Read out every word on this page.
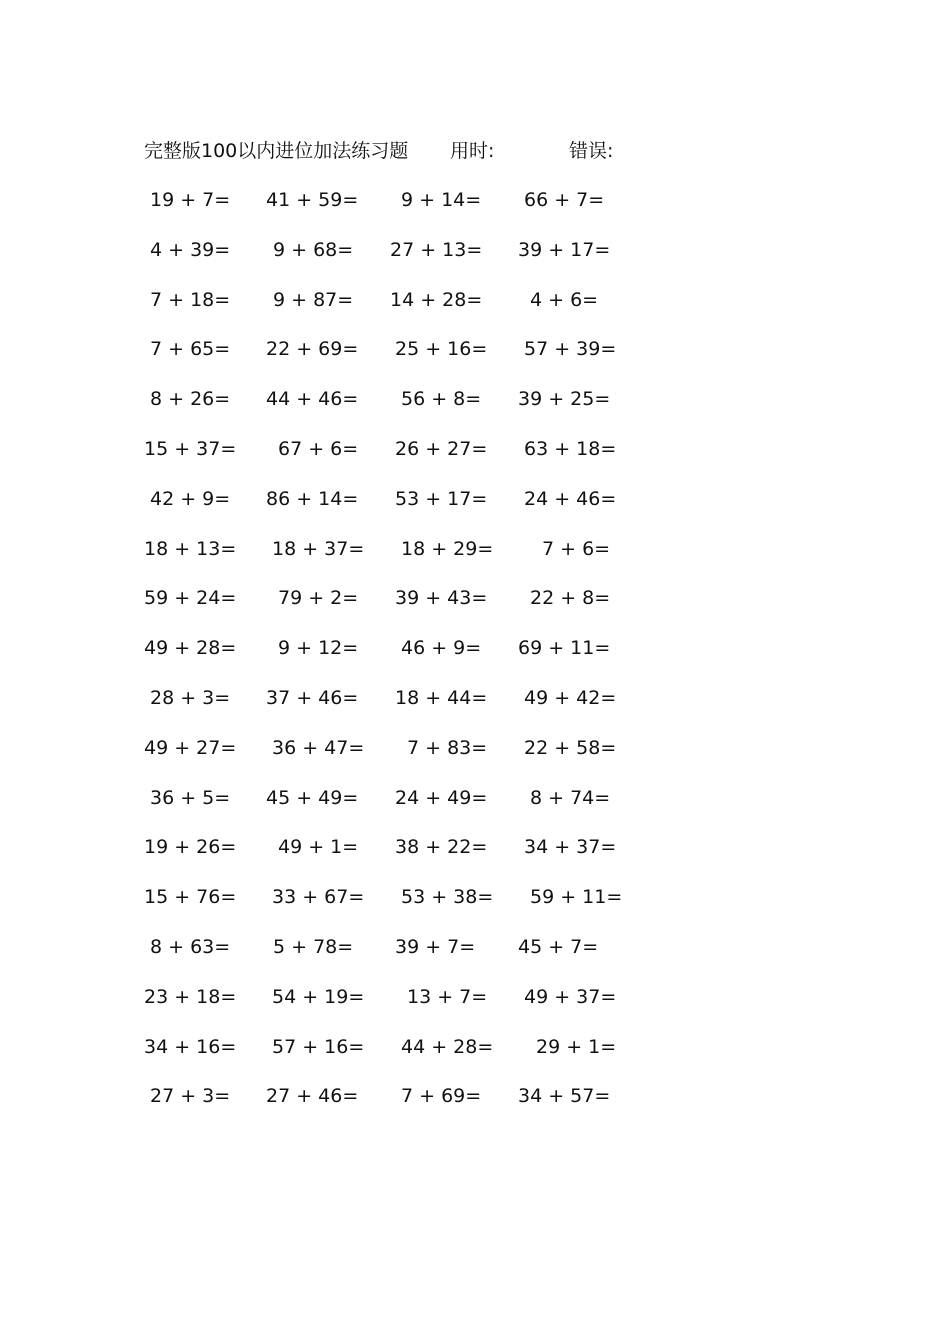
完整版100以内进位加法练习题 用时:	错误:
19 + 7= 41 + 59= 9 + 14= 66 + 7=
4 + 39= 9 + 68= 27 + 13= 39 + 17=
7 + 18= 9 + 87= 14 + 28=	4 + 6=
7 + 65= 22 + 69= 25 + 16= 57 + 39=
8 + 26= 44 + 46= 56 + 8= 39 + 25=
15 + 37= 67 + 6= 26 + 27= 63 + 18=
42 + 9= 86 + 14= 53 + 17= 24 + 46=
18 + 13= 18 + 37= 18 + 29=	7 + 6=
59 + 24= 79 + 2= 39 + 43= 22 + 8=
49 + 28= 9 + 12= 46 + 9= 69 + 11=
28 + 3= 37 + 46= 18 + 44= 49 + 42=
49 + 27= 36 + 47= 7 + 83= 22 + 58=
36 + 5= 45 + 49= 24 + 49= 8 + 74=
19 + 26= 49 + 1= 38 + 22= 34 + 37=
15 + 76= 33 + 67= 53 + 38= 59 + 11=
8 + 63= 5 + 78= 39 + 7= 45 + 7=
23 + 18= 54 + 19= 13 + 7= 49 + 37=
34 + 16= 57 + 16= 44 + 28= 29 + 1=
27 + 3= 27 + 46= 7 + 69= 34 + 57=
